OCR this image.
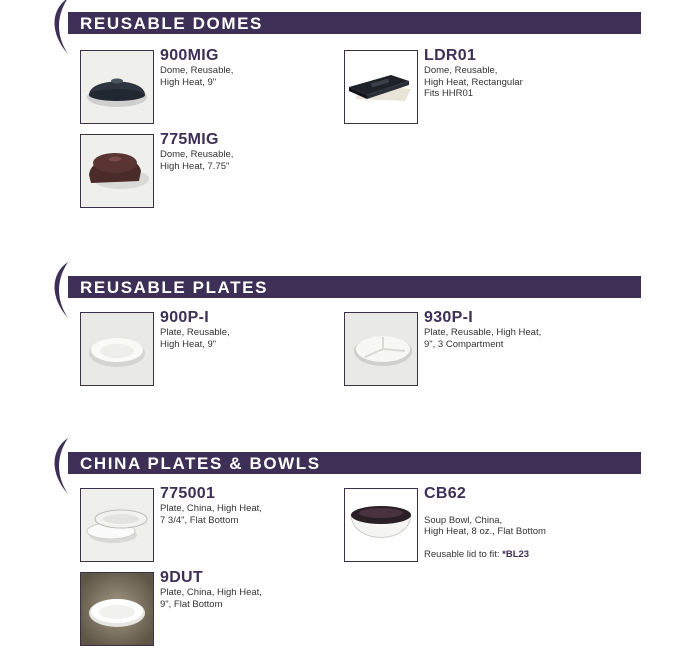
REUSABLE DOMES
REUSABLE PLATES
CHINA PLATES & BOWLS
900MIG
Dome, Reusable,
High Heat, 9"
LDR01
Dome, Reusable,
High Heat, Rectangular
Fits HHR01
775MIG
Dome, Reusable,
High Heat, 7.75"
900P-I
Plate, Reusable,
High Heat, 9"
930P-I
Plate, Reusable, High Heat,
9", 3 Compartment
775001
Plate, China, High Heat,
7 3/4", Flat Bottom
CB62

Soup Bowl, China,
High Heat, 8 oz., Flat Bottom

Reusable lid to fit: *BL23

9DUT
Plate, China, High Heat,
9", Flat Bottom
